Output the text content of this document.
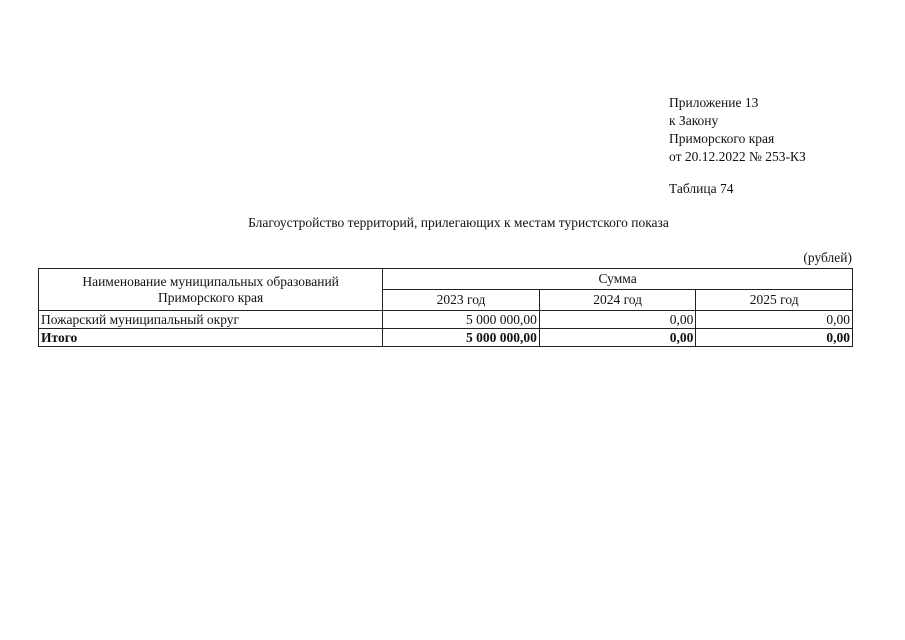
Приложение 13
к Закону
Приморского края
от 20.12.2022 № 253-КЗ
Таблица 74
Благоустройство территорий, прилегающих к местам туристского показа
(рублей)
Наименование муниципальных образований
Приморского края	Сумма		
	2023 год	2024 год	2025 год
Пожарский муниципальный округ	5 000 000,00	0,00	0,00
Итого	5 000 000,00	0,00	0,00
